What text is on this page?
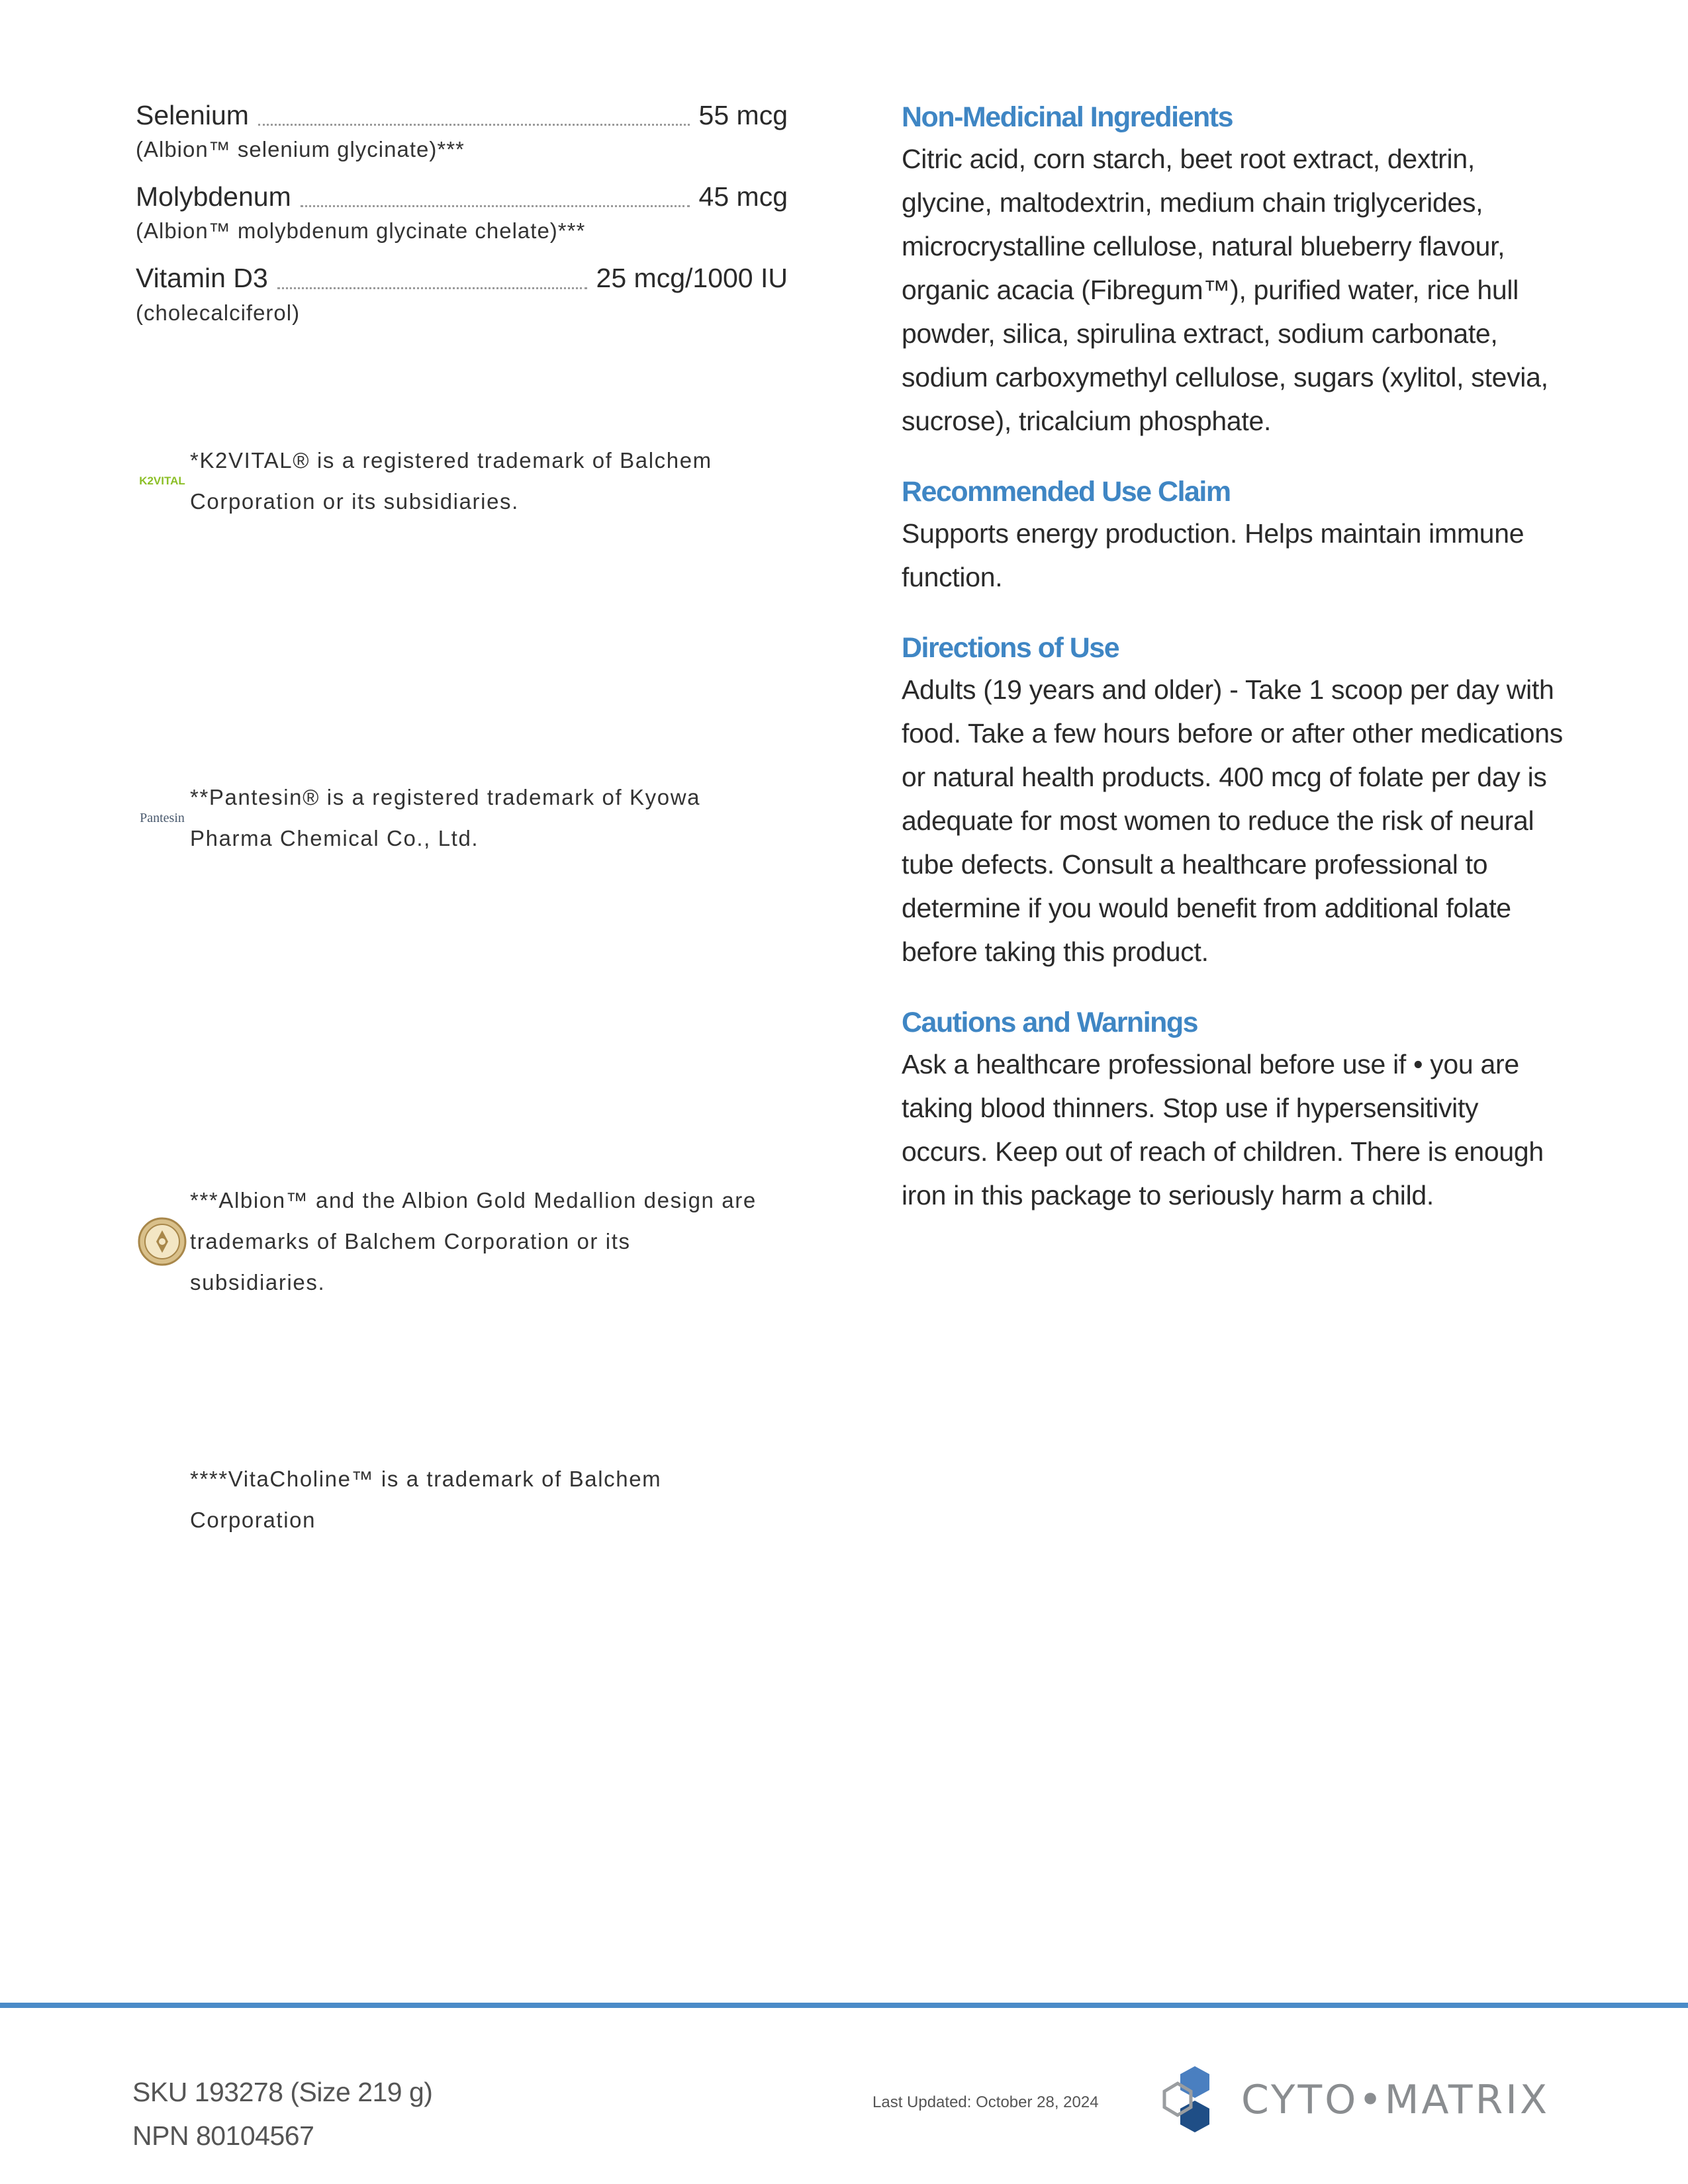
Selenium	55 mcg
(Albion™ selenium glycinate)***
Molybdenum	45 mcg
(Albion™ molybdenum glycinate chelate)***
Vitamin D3	25 mcg/1000 IU
(cholecalciferol)
K2VITAL
*K2VITAL® is a registered trademark of Balchem Corporation or its subsidiaries.
Pantesin
**Pantesin® is a registered trademark of Kyowa Pharma Chemical Co., Ltd.
***Albion™ and the Albion Gold Medallion design are trademarks of Balchem Corporation or its subsidiaries.
****VitaCholine™ is a trademark of Balchem Corporation
Non-Medicinal Ingredients
Citric acid, corn starch, beet root extract, dextrin, glycine, maltodextrin, medium chain triglycerides, microcrystalline cellulose, natural blueberry flavour, organic acacia (Fibregum™), purified water, rice hull powder, silica, spirulina extract, sodium carbonate, sodium carboxymethyl cellulose, sugars (xylitol, stevia, sucrose), tricalcium phosphate.
Recommended Use Claim
Supports energy production. Helps maintain immune function.
Directions of Use
Adults (19 years and older) - Take 1 scoop per day with food. Take a few hours before or after other medications or natural health products. 400 mcg of folate per day is adequate for most women to reduce the risk of neural tube defects. Consult a healthcare professional to determine if you would benefit from additional folate before taking this product.
Cautions and Warnings
Ask a healthcare professional before use if • you are taking blood thinners. Stop use if hypersensitivity occurs. Keep out of reach of children. There is enough iron in this package to seriously harm a child.
SKU 193278 (Size 219 g)
NPN 80104567
Last Updated: October 28, 2024	CYTO•MATRIX
